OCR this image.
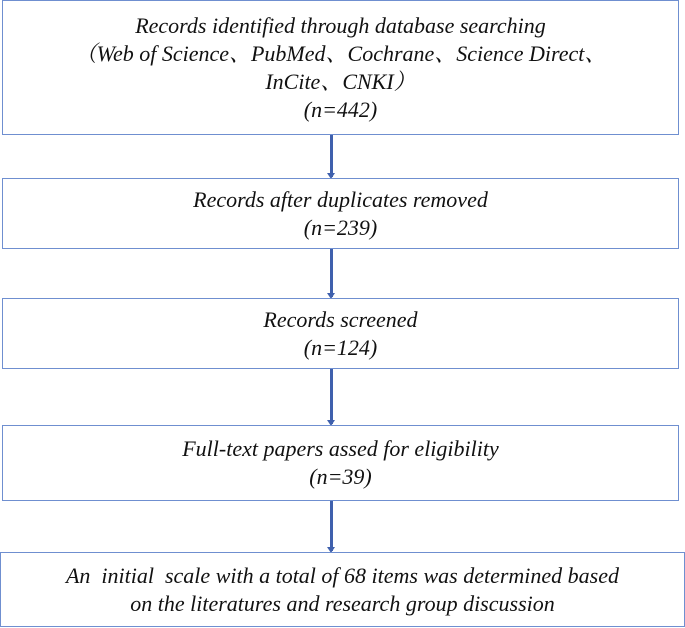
Records identified through database searching
（Web of Science、PubMed、Cochrane、Science Direct、
InCite、CNKI）
(n=442)
Records after duplicates removed
(n=239)
Records screened
(n=124)
Full-text papers assed for eligibility
(n=39)
An  initial  scale with a total of 68 items was determined based
on the literatures and research group discussion
